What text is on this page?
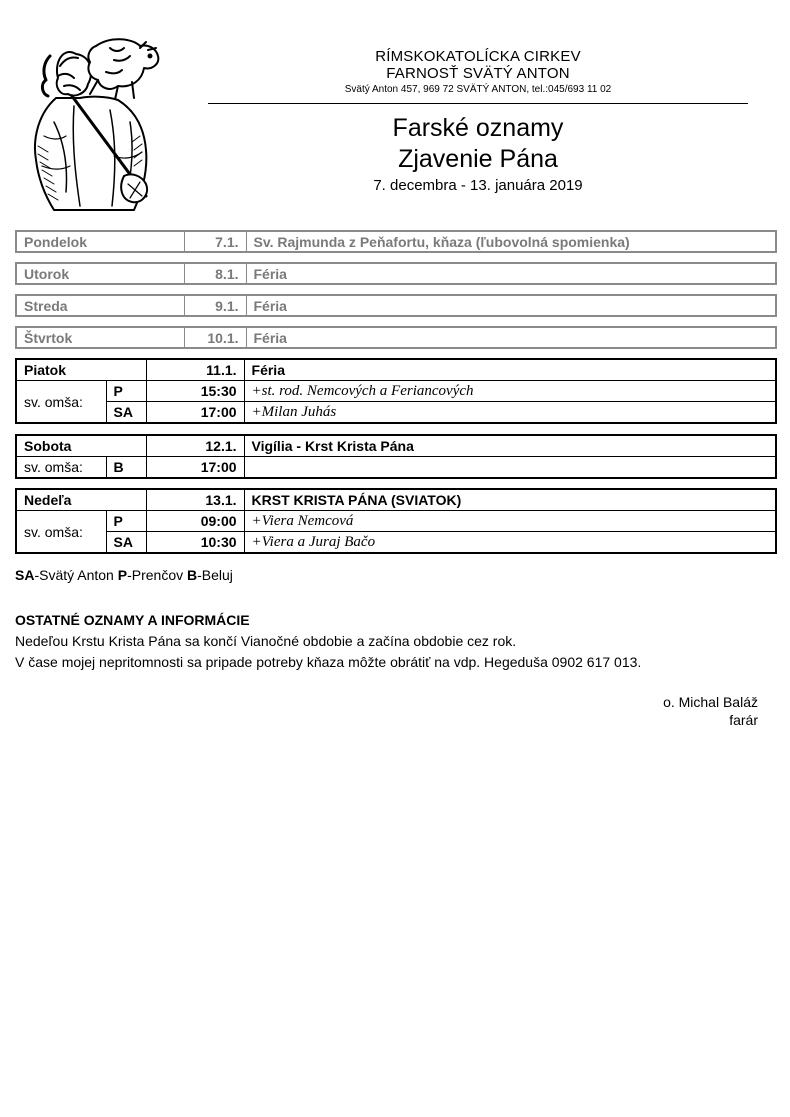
RÍMSKOKATOLÍCKA CIRKEV
FARNOSŤ SVÄTÝ ANTON
Svätý Anton 457, 969 72 SVÄTÝ ANTON, tel.:045/693 11 02
Farské oznamy
Zjavenie Pána
7. decembra - 13. januára 2019
Pondelok	7.1.	Sv. Rajmunda z Peňafortu, kňaza (ľubovolná spomienka)
Utorok	8.1.	Féria
Streda	9.1.	Féria
Štvrtok	10.1.	Féria
Piatok		11.1.	Féria
sv. omša:	P	15:30	+st. rod. Nemcových a Feriancových
	SA	17:00	+Milan Juhás
Sobota		12.1.	Vigília - Krst Krista Pána
sv. omša:	B	17:00	
Nedeľa		13.1.	KRST KRISTA PÁNA (SVIATOK)
sv. omša:	P	09:00	+Viera Nemcová
	SA	10:30	+Viera a Juraj Bačo
SA-Svätý Anton P-Prenčov B-Beluj
OSTATNÉ OZNAMY A INFORMÁCIE
Nedeľou Krstu Krista Pána sa končí Vianočné obdobie a začína obdobie cez rok.
V čase mojej nepritomnosti sa pripade potreby kňaza môžte obrátiť na vdp. Hegeduša 0902 617 013.
o. Michal Baláž
farár
